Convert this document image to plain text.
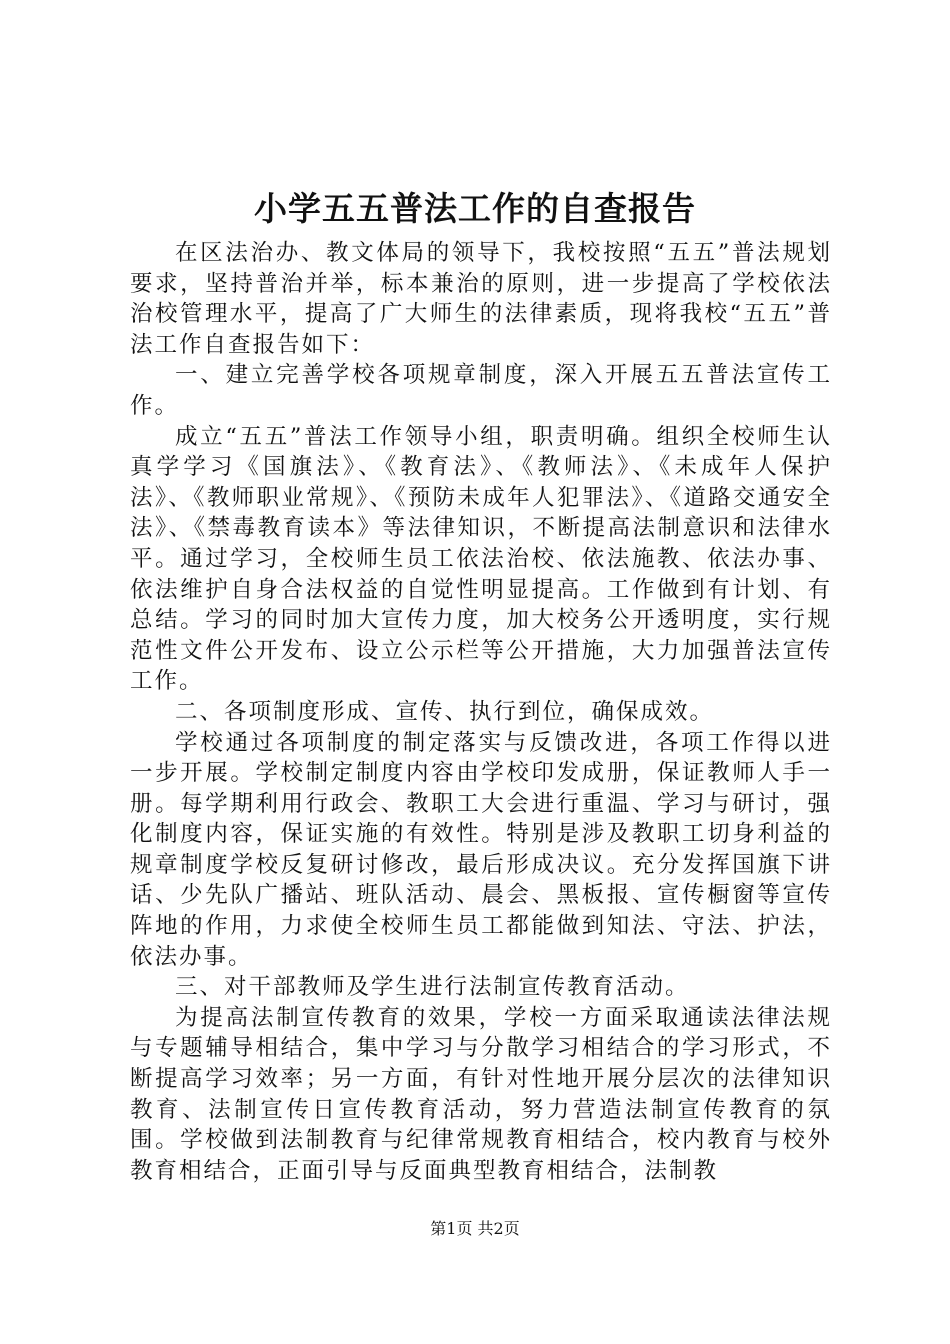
小学五五普法工作的自查报告

在区法治办、教文体局的领导下，我校按照“五五”普法规划要求，坚持普治并举，标本兼治的原则，进一步提高了学校依法治校管理水平，提高了广大师生的法律素质，现将我校“五五”普法工作自查报告如下：

一、建立完善学校各项规章制度，深入开展五五普法宣传工作。

成立“五五”普法工作领导小组，职责明确。组织全校师生认真学学习《国旗法》、《教育法》、《教师法》、《未成年人保护法》、《教师职业常规》、《预防未成年人犯罪法》、《道路交通安全法》、《禁毒教育读本》等法律知识，不断提高法制意识和法律水平。通过学习，全校师生员工依法治校、依法施教、依法办事、依法维护自身合法权益的自觉性明显提高。工作做到有计划、有总结。学习的同时加大宣传力度，加大校务公开透明度，实行规范性文件公开发布、设立公示栏等公开措施，大力加强普法宣传工作。

二、各项制度形成、宣传、执行到位，确保成效。

学校通过各项制度的制定落实与反馈改进，各项工作得以进一步开展。学校制定制度内容由学校印发成册，保证教师人手一册。每学期利用行政会、教职工大会进行重温、学习与研讨，强化制度内容，保证实施的有效性。特别是涉及教职工切身利益的规章制度学校反复研讨修改，最后形成决议。充分发挥国旗下讲话、少先队广播站、班队活动、晨会、黑板报、宣传橱窗等宣传阵地的作用，力求使全校师生员工都能做到知法、守法、护法，依法办事。

三、对干部教师及学生进行法制宣传教育活动。

为提高法制宣传教育的效果，学校一方面采取通读法律法规与专题辅导相结合，集中学习与分散学习相结合的学习形式，不断提高学习效率；另一方面，有针对性地开展分层次的法律知识教育、法制宣传日宣传教育活动，努力营造法制宣传教育的氛围。学校做到法制教育与纪律常规教育相结合，校内教育与校外教育相结合，正面引导与反面典型教育相结合，法制教

第1页 共2页
